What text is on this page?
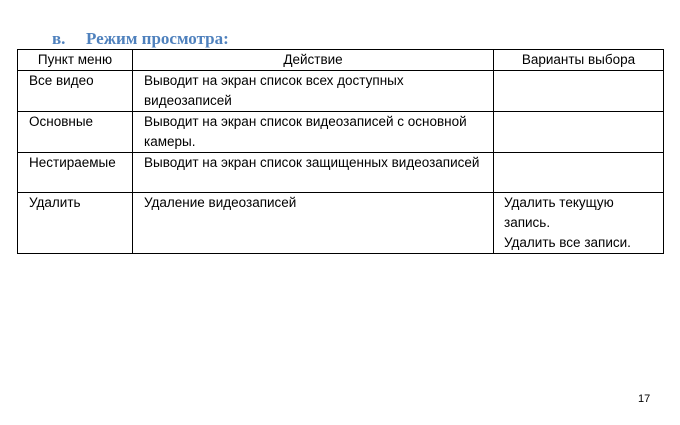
в. Режим просмотра:
Пункт меню	Действие	Варианты выбора
Все видео	Выводит на экран список всех доступных видеозаписей	
Основные	Выводит на экран список видеозаписей с основной камеры.	
Нестираемые	Выводит на экран список защищенных видеозаписей	
Удалить	Удаление видеозаписей	Удалить текущую запись.
Удалить все записи.
17
